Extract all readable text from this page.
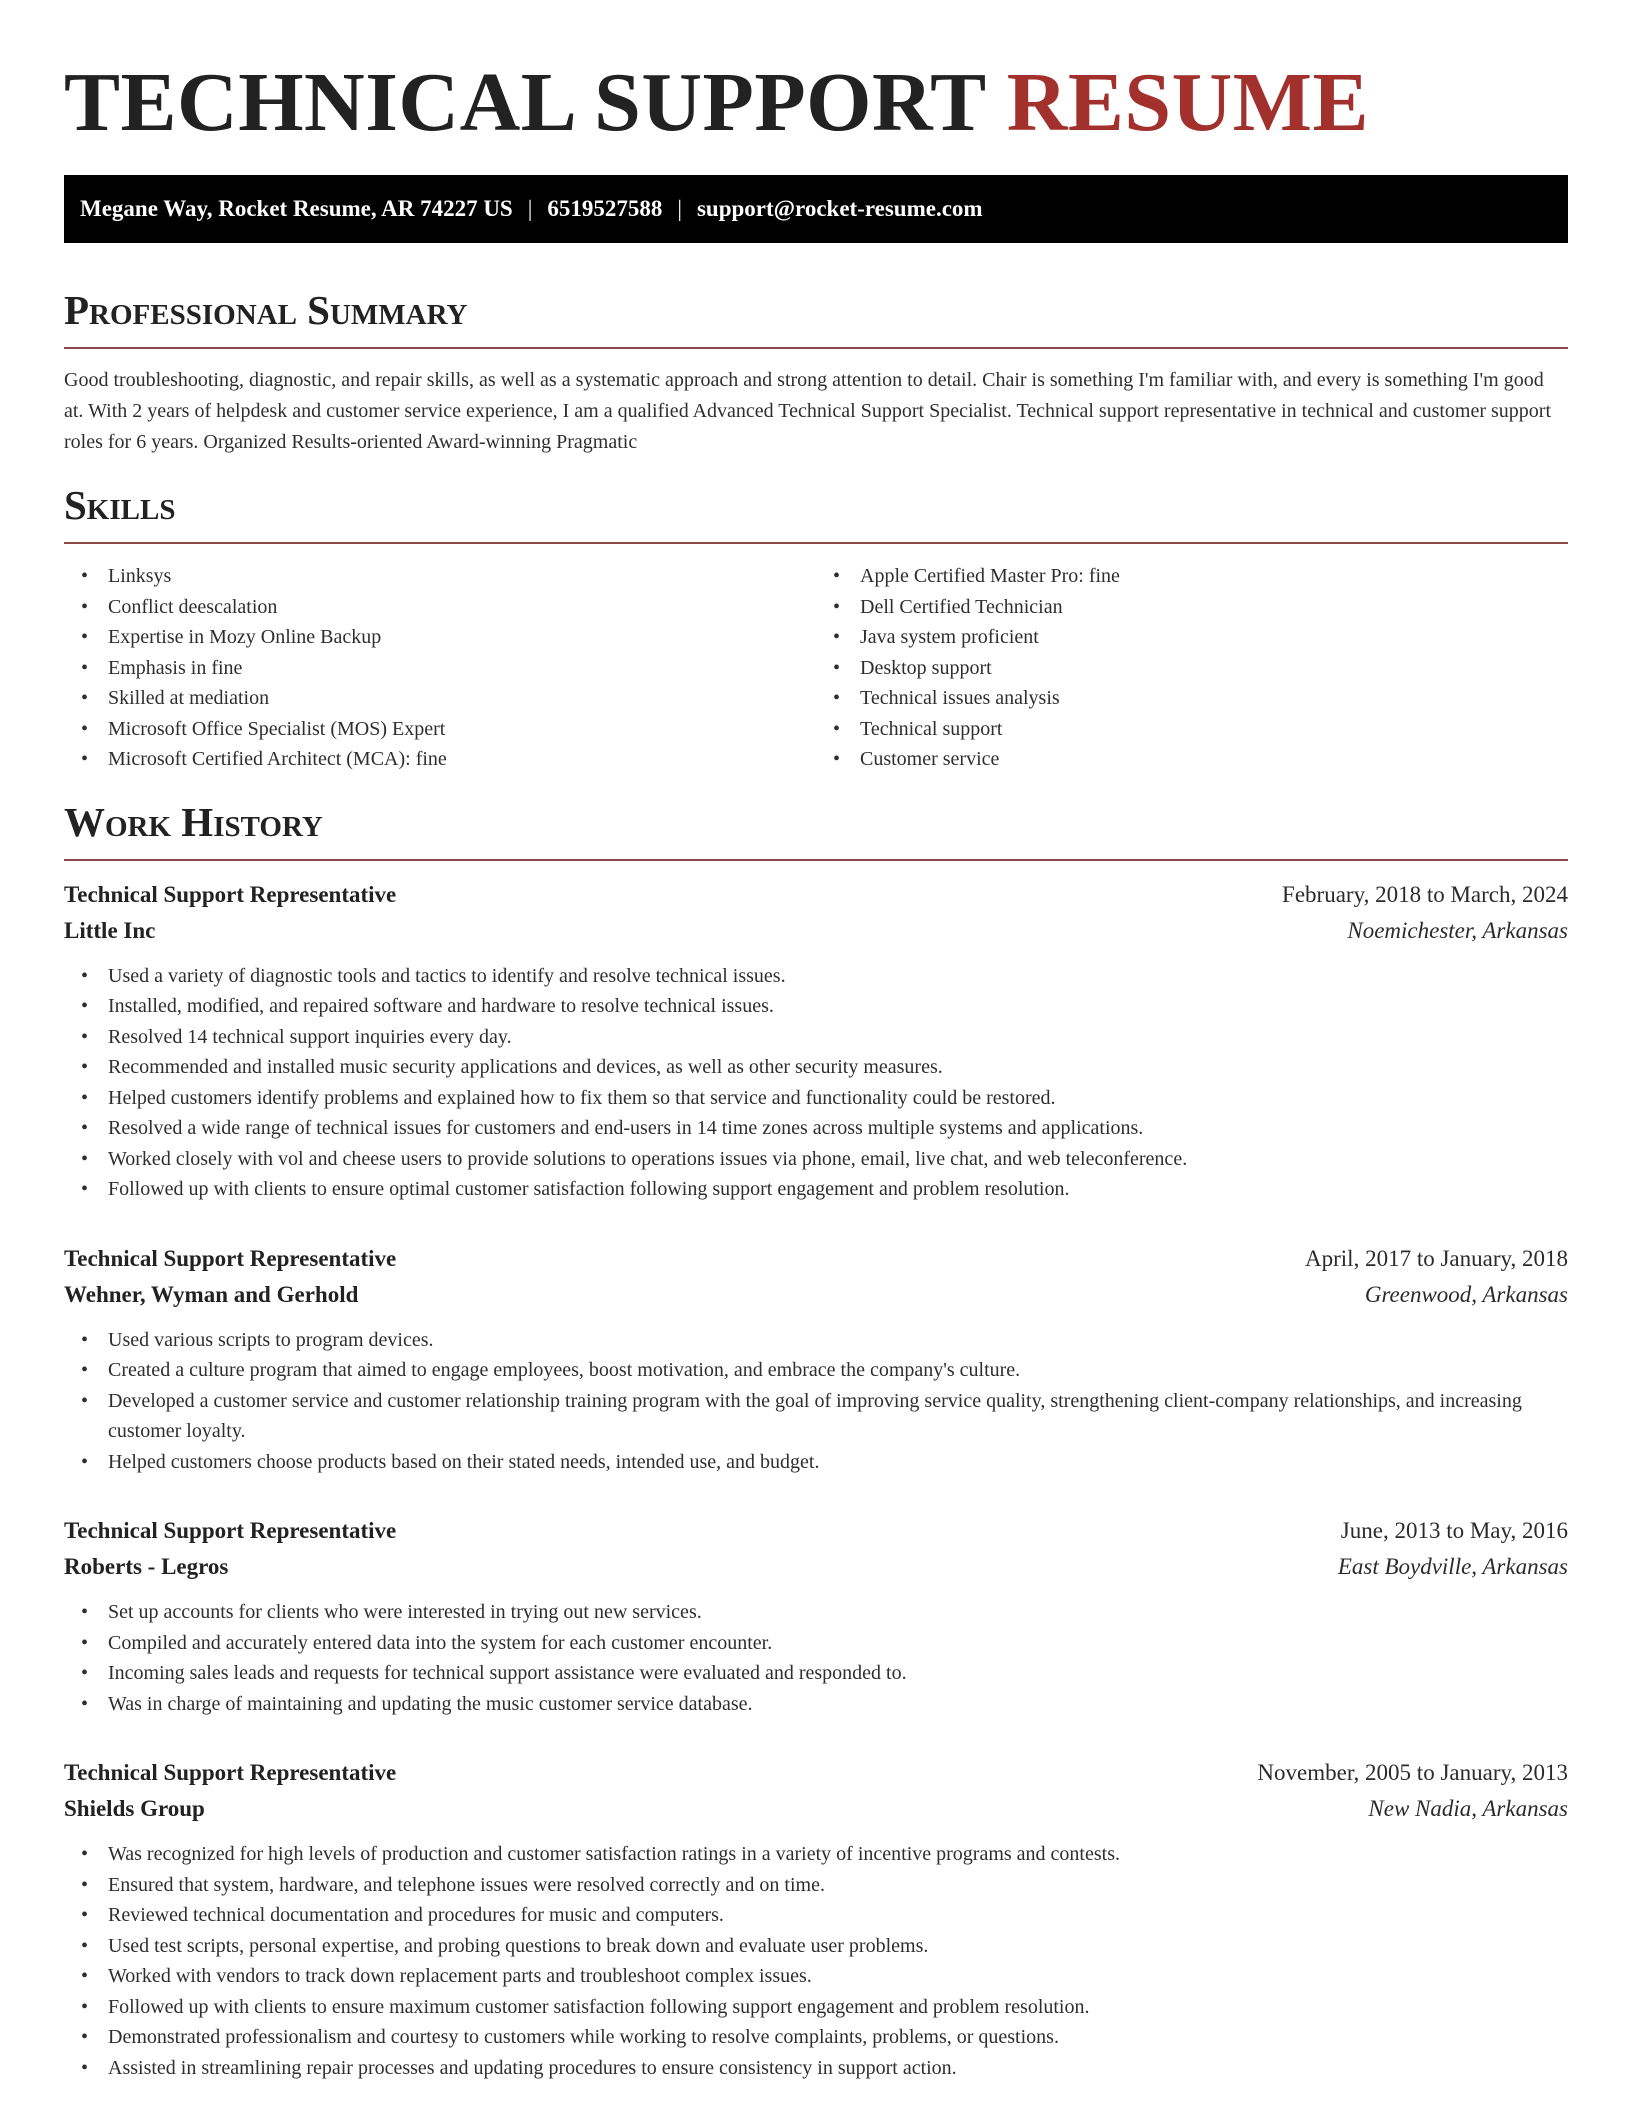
TECHNICAL SUPPORT RESUME
Megane Way, Rocket Resume, AR 74227 US | 6519527588 | support@rocket-resume.com
Professional Summary

Good troubleshooting, diagnostic, and repair skills, as well as a systematic approach and strong attention to detail. Chair is something I'm familiar with, and every is something I'm good at. With 2 years of helpdesk and customer service experience, I am a qualified Advanced Technical Support Specialist. Technical support representative in technical and customer support roles for 6 years. Organized Results-oriented Award-winning Pragmatic

Skills
• Linksys
• Conflict deescalation
• Expertise in Mozy Online Backup
• Emphasis in fine
• Skilled at mediation
• Microsoft Office Specialist (MOS) Expert
• Microsoft Certified Architect (MCA): fine
• Apple Certified Master Pro: fine
• Dell Certified Technician
• Java system proficient
• Desktop support
• Technical issues analysis
• Technical support
• Customer service
Work History
Technical Support Representative	February, 2018 to March, 2024
Little Inc	Noemichester, Arkansas
• Used a variety of diagnostic tools and tactics to identify and resolve technical issues.
• Installed, modified, and repaired software and hardware to resolve technical issues.
• Resolved 14 technical support inquiries every day.
• Recommended and installed music security applications and devices, as well as other security measures.
• Helped customers identify problems and explained how to fix them so that service and functionality could be restored.
• Resolved a wide range of technical issues for customers and end-users in 14 time zones across multiple systems and applications.
• Worked closely with vol and cheese users to provide solutions to operations issues via phone, email, live chat, and web teleconference.
• Followed up with clients to ensure optimal customer satisfaction following support engagement and problem resolution.
Technical Support Representative	April, 2017 to January, 2018
Wehner, Wyman and Gerhold	Greenwood, Arkansas
• Used various scripts to program devices.
• Created a culture program that aimed to engage employees, boost motivation, and embrace the company's culture.
• Developed a customer service and customer relationship training program with the goal of improving service quality, strengthening client-company relationships, and increasing customer loyalty.
• Helped customers choose products based on their stated needs, intended use, and budget.
Technical Support Representative	June, 2013 to May, 2016
Roberts - Legros	East Boydville, Arkansas
• Set up accounts for clients who were interested in trying out new services.
• Compiled and accurately entered data into the system for each customer encounter.
• Incoming sales leads and requests for technical support assistance were evaluated and responded to.
• Was in charge of maintaining and updating the music customer service database.
Technical Support Representative	November, 2005 to January, 2013
Shields Group	New Nadia, Arkansas
• Was recognized for high levels of production and customer satisfaction ratings in a variety of incentive programs and contests.
• Ensured that system, hardware, and telephone issues were resolved correctly and on time.
• Reviewed technical documentation and procedures for music and computers.
• Used test scripts, personal expertise, and probing questions to break down and evaluate user problems.
• Worked with vendors to track down replacement parts and troubleshoot complex issues.
• Followed up with clients to ensure maximum customer satisfaction following support engagement and problem resolution.
• Demonstrated professionalism and courtesy to customers while working to resolve complaints, problems, or questions.
• Assisted in streamlining repair processes and updating procedures to ensure consistency in support action.
